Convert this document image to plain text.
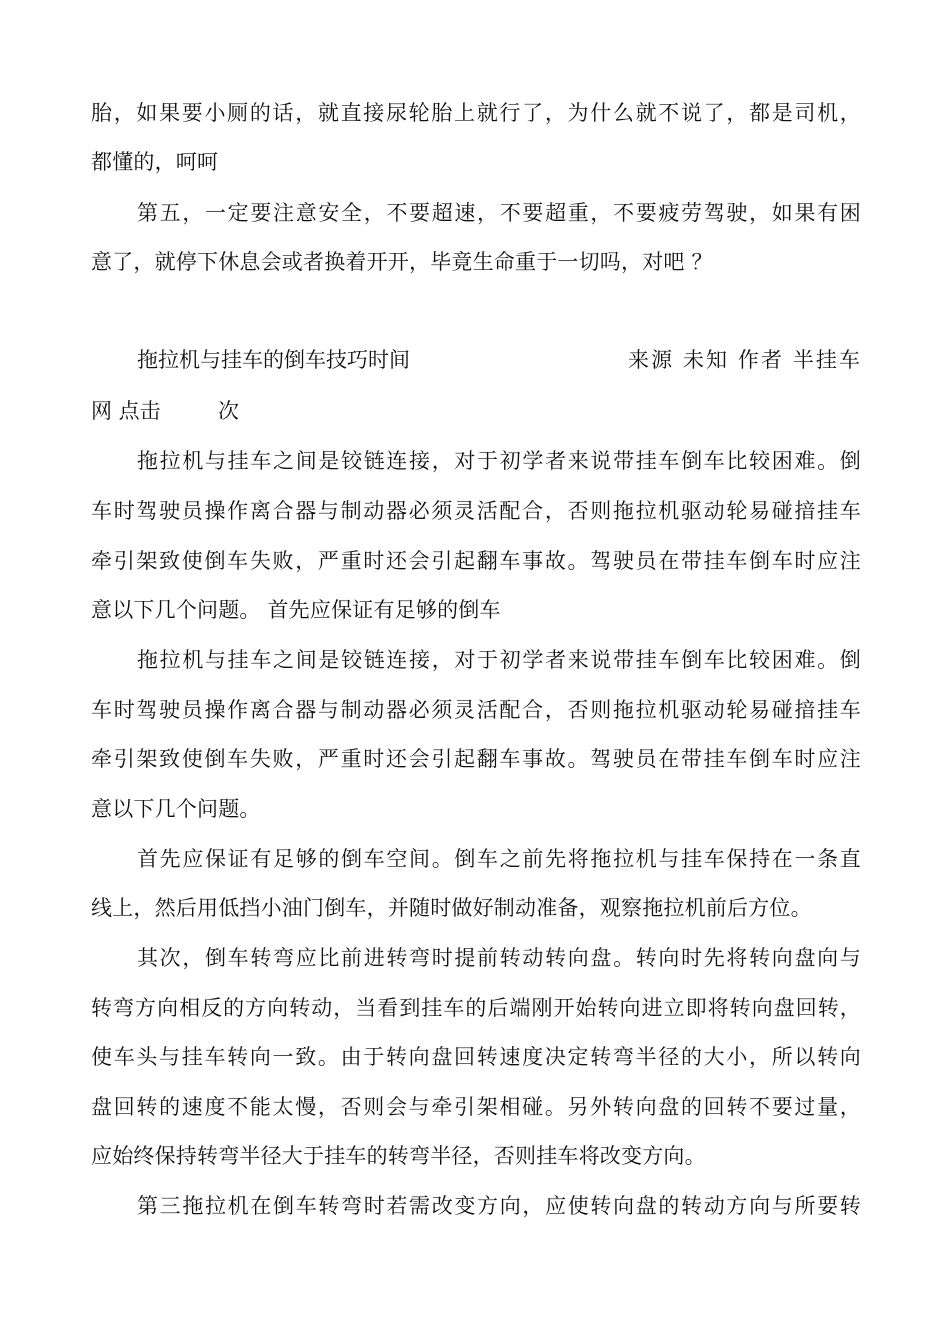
胎，如果要小厕的话，就直接尿轮胎上就行了，为什么就不说了，都是司机，
都懂的，呵呵
第五，一定要注意安全，不要超速，不要超重，不要疲劳驾驶，如果有困
意了，就停下休息会或者换着开开，毕竟生命重于一切吗，对吧 ？
拖拉机与挂车的倒车技巧时间	来源 未知 作者 半挂车
网 点击	次
拖拉机与挂车之间是铰链连接，对于初学者来说带挂车倒车比较困难。倒
车时驾驶员操作离合器与制动器必须灵活配合，否则拖拉机驱动轮易碰揞挂车
牵引架致使倒车失败，严重时还会引起翻车事故。驾驶员在带挂车倒车时应注
意以下几个问题。 首先应保证有足够的倒车
拖拉机与挂车之间是铰链连接，对于初学者来说带挂车倒车比较困难。倒
车时驾驶员操作离合器与制动器必须灵活配合，否则拖拉机驱动轮易碰揞挂车
牵引架致使倒车失败，严重时还会引起翻车事故。驾驶员在带挂车倒车时应注
意以下几个问题。
首先应保证有足够的倒车空间。倒车之前先将拖拉机与挂车保持在一条直
线上，然后用低挡小油门倒车，并随时做好制动准备，观察拖拉机前后方位。
其次，倒车转弯应比前进转弯时提前转动转向盘。转向时先将转向盘向与
转弯方向相反的方向转动，当看到挂车的后端刚开始转向进立即将转向盘回转，
使车头与挂车转向一致。由于转向盘回转速度决定转弯半径的大小，所以转向
盘回转的速度不能太慢，否则会与牵引架相碰。另外转向盘的回转不要过量，
应始终保持转弯半径大于挂车的转弯半径，否则挂车将改变方向。
第三拖拉机在倒车转弯时若需改变方向，应使转向盘的转动方向与所要转
